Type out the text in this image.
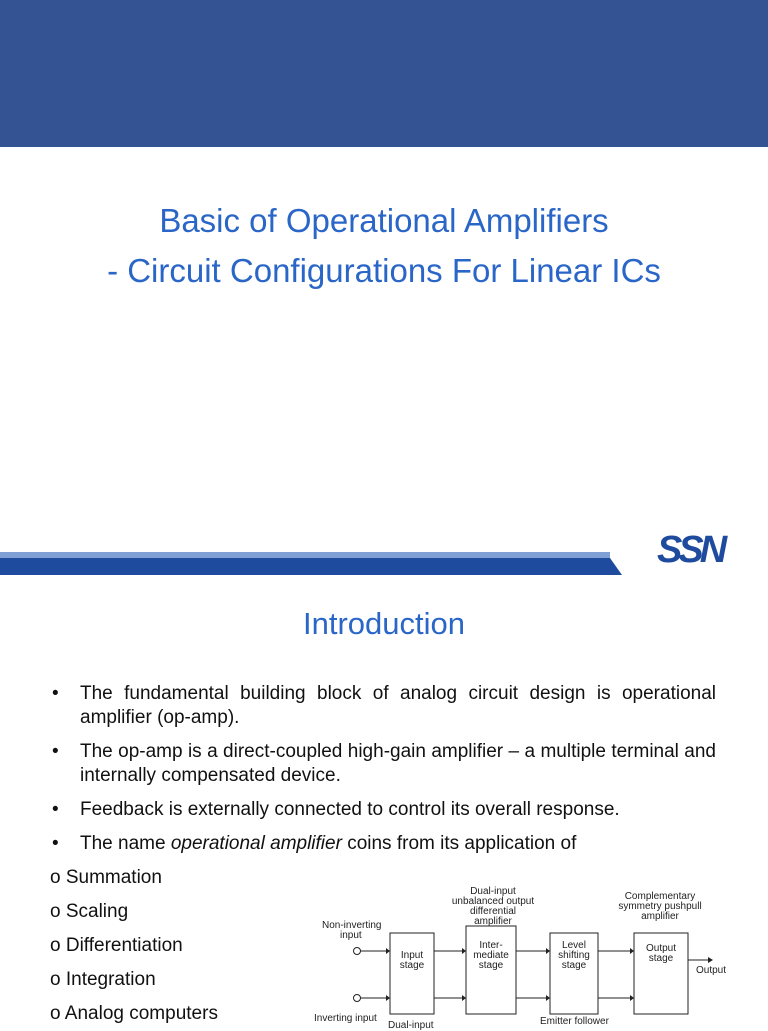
Basic of Operational Amplifiers
- Circuit Configurations For Linear ICs
SSN
Introduction
• The fundamental building block of analog circuit design is operational amplifier (op-amp).
• The op-amp is a direct-coupled high-gain amplifier – a multiple terminal and internally compensated device.
• Feedback is externally connected to control its overall response.
• The name operational amplifier coins from its application of
o Summation
o Scaling
o Differentiation
o Integration
o Analog computers
Dual-input
unbalanced output
differential
amplifier
Complementary
symmetry pushpull
amplifier
Non-inverting
input
Inverting input
Input
stage
Inter-
mediate
stage
Level
shifting
stage
Output
stage
Output
Dual-input	Emitter follower
